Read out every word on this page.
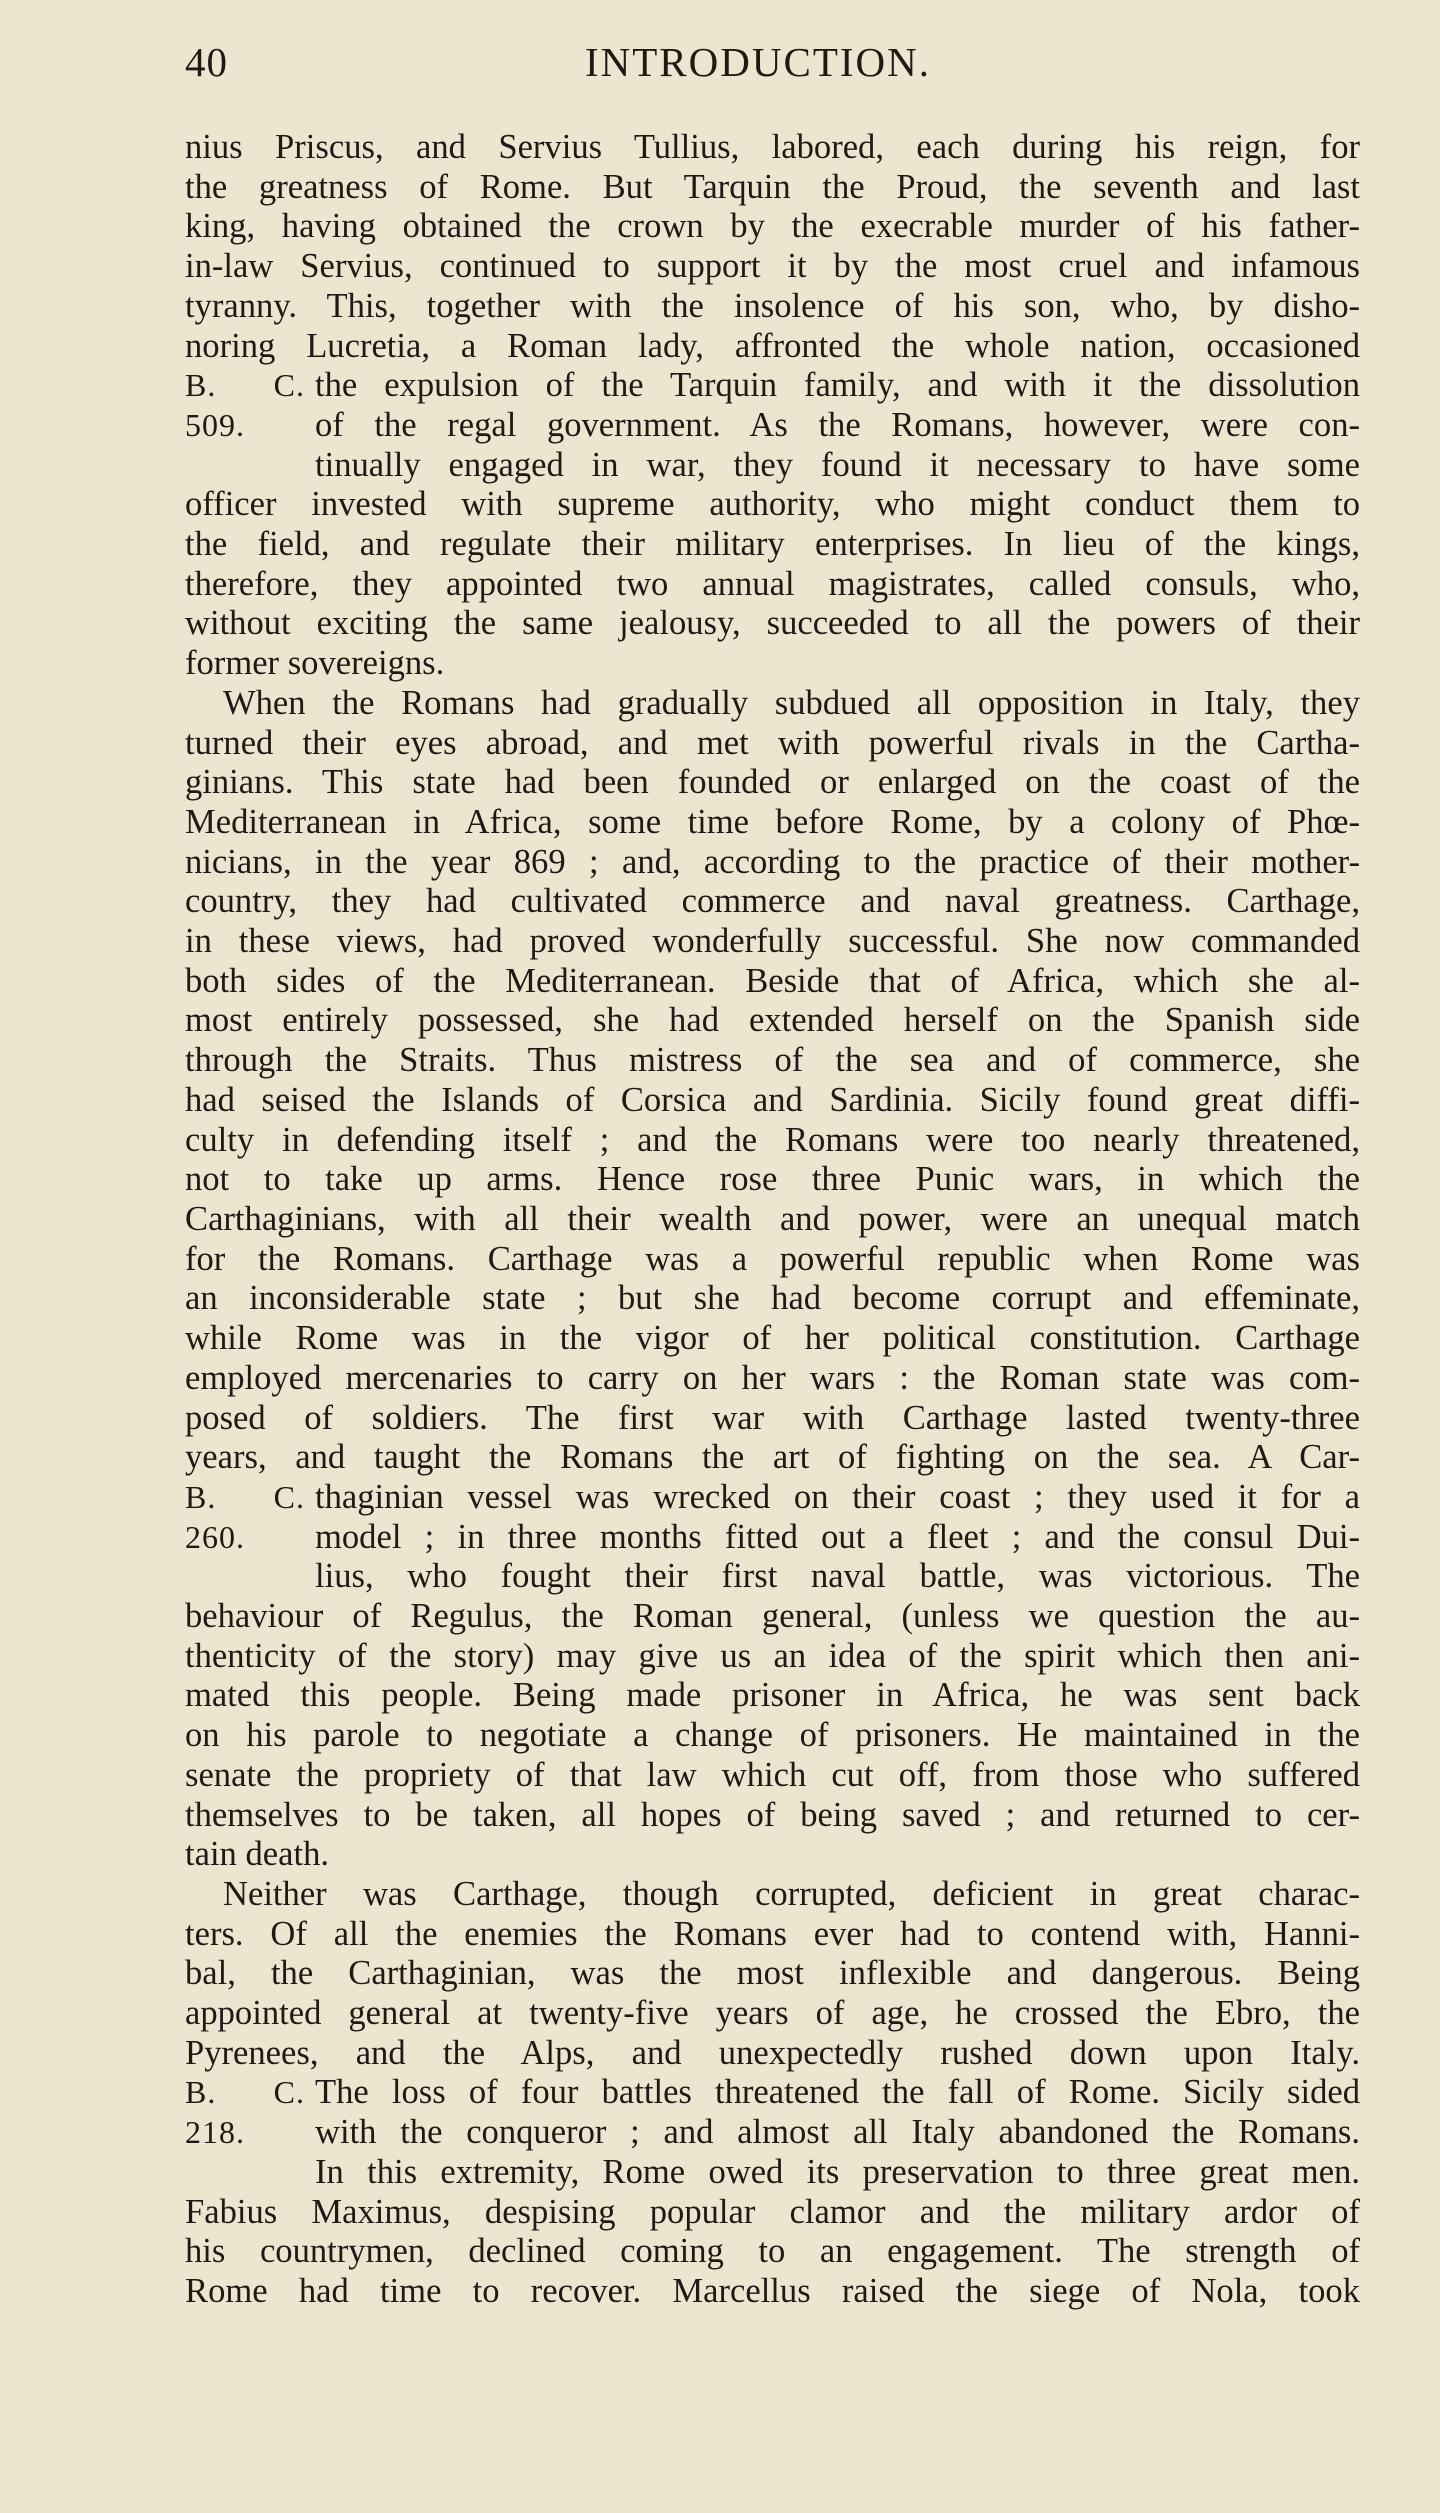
40	INTRODUCTION.

nius Priscus, and Servius Tullius, labored, each during his reign, for
the greatness of Rome. But Tarquin the Proud, the seventh and last
king, having obtained the crown by the execrable murder of his father-
in-law Servius, continued to support it by the most cruel and infamous
tyranny. This, together with the insolence of his son, who, by disho-
noring Lucretia, a Roman lady, affronted the whole nation, occasioned
B. C.
509.
the expulsion of the Tarquin family, and with it the dissolution
of the regal government. As the Romans, however, were con-
tinually engaged in war, they found it necessary to have some
officer invested with supreme authority, who might conduct them to
the field, and regulate their military enterprises. In lieu of the kings,
therefore, they appointed two annual magistrates, called consuls, who,
without exciting the same jealousy, succeeded to all the powers of their
former sovereigns.

When the Romans had gradually subdued all opposition in Italy, they
turned their eyes abroad, and met with powerful rivals in the Cartha-
ginians. This state had been founded or enlarged on the coast of the
Mediterranean in Africa, some time before Rome, by a colony of Phœ-
nicians, in the year 869 ; and, according to the practice of their mother-
country, they had cultivated commerce and naval greatness. Carthage,
in these views, had proved wonderfully successful. She now commanded
both sides of the Mediterranean. Beside that of Africa, which she al-
most entirely possessed, she had extended herself on the Spanish side
through the Straits. Thus mistress of the sea and of commerce, she
had seised the Islands of Corsica and Sardinia. Sicily found great diffi-
culty in defending itself ; and the Romans were too nearly threatened,
not to take up arms. Hence rose three Punic wars, in which the
Carthaginians, with all their wealth and power, were an unequal match
for the Romans. Carthage was a powerful republic when Rome was
an inconsiderable state ; but she had become corrupt and effeminate,
while Rome was in the vigor of her political constitution. Carthage
employed mercenaries to carry on her wars : the Roman state was com-
posed of soldiers. The first war with Carthage lasted twenty-three
years, and taught the Romans the art of fighting on the sea. A Car-
B. C.
260.
thaginian vessel was wrecked on their coast ; they used it for a
model ; in three months fitted out a fleet ; and the consul Dui-
lius, who fought their first naval battle, was victorious. The
behaviour of Regulus, the Roman general, (unless we question the au-
thenticity of the story) may give us an idea of the spirit which then ani-
mated this people. Being made prisoner in Africa, he was sent back
on his parole to negotiate a change of prisoners. He maintained in the
senate the propriety of that law which cut off, from those who suffered
themselves to be taken, all hopes of being saved ; and returned to cer-
tain death.

Neither was Carthage, though corrupted, deficient in great charac-
ters. Of all the enemies the Romans ever had to contend with, Hanni-
bal, the Carthaginian, was the most inflexible and dangerous. Being
appointed general at twenty-five years of age, he crossed the Ebro, the
Pyrenees, and the Alps, and unexpectedly rushed down upon Italy.
B. C.
218.
The loss of four battles threatened the fall of Rome. Sicily sided
with the conqueror ; and almost all Italy abandoned the Romans.
In this extremity, Rome owed its preservation to three great men.
Fabius Maximus, despising popular clamor and the military ardor of
his countrymen, declined coming to an engagement. The strength of
Rome had time to recover. Marcellus raised the siege of Nola, took
